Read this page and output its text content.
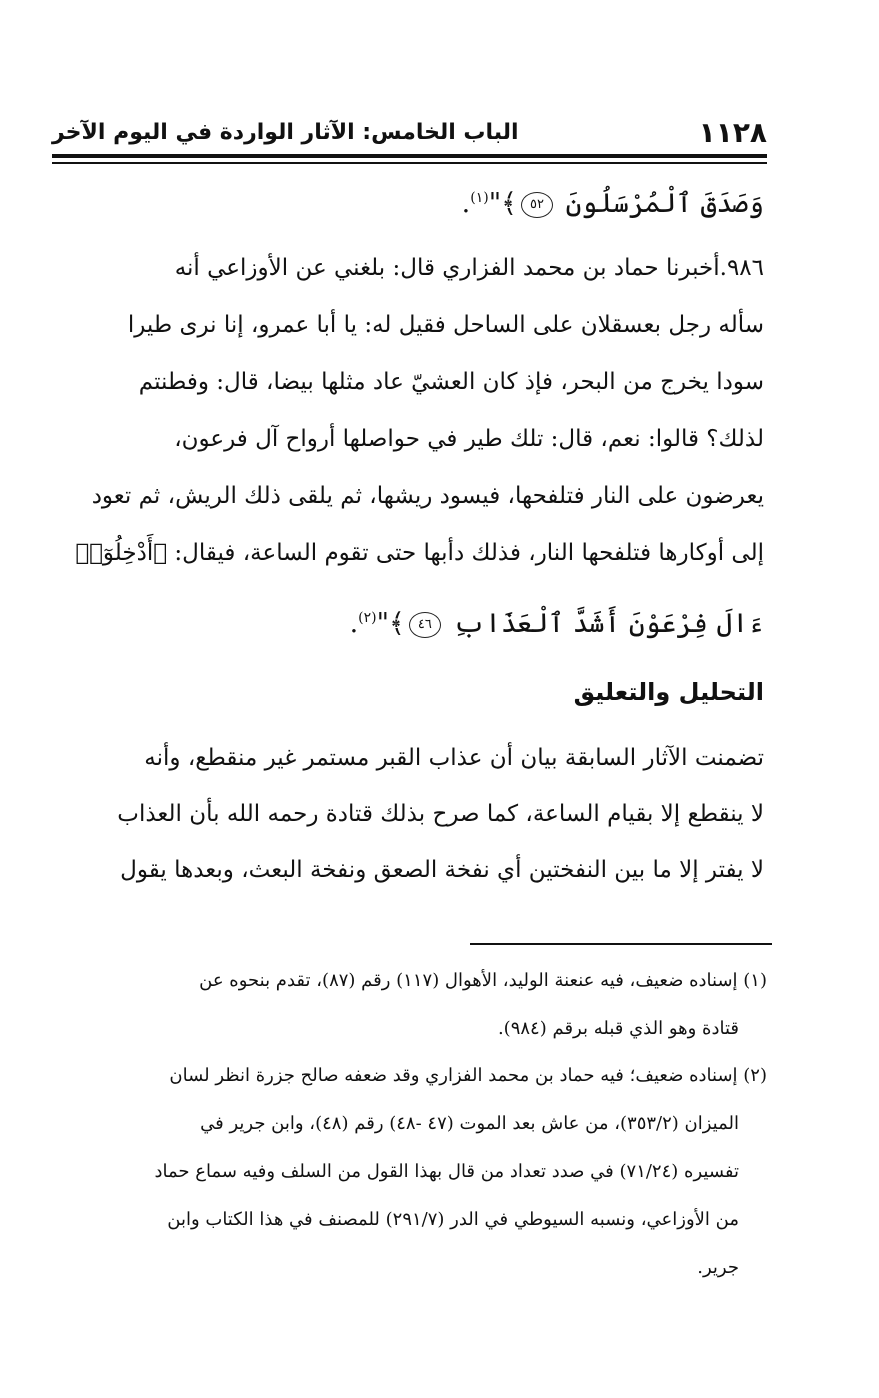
الباب الخامس: الآثار الواردة في اليوم الآخر	١١٢٨
وَصَدَقَ ٱلْمُرْسَلُونَ ٥٢﴾"$^{(١)}$.
٩٨٦.أخبرنا حماد بن محمد الفزاري قال: بلغني عن الأوزاعي أنه
سأله رجل بعسقلان على الساحل فقيل له: يا أبا عمرو، إنا نرى طيرا
سودا يخرج من البحر، فإذ كان العشيّ عاد مثلها بيضا، قال: وفطنتم
لذلك؟ قالوا: نعم، قال: تلك طير في حواصلها أرواح آل فرعون،
يعرضون على النار فتلفحها، فيسود ريشها، ثم يلقى ذلك الريش، ثم تعود
إلى أوكارها فتلفحها النار، فذلك دأبها حتى تقوم الساعة، فيقال: ﴿أَدْخِلُوٓا۟
ءَالَ فِرْعَوْنَ أَشَدَّ ٱلْعَذَابِ ٤٦﴾"$^{(٢)}$.
التحليل والتعليق
تضمنت الآثار السابقة بيان أن عذاب القبر مستمر غير منقطع، وأنه
لا ينقطع إلا بقيام الساعة، كما صرح بذلك قتادة رحمه الله بأن العذاب
لا يفتر إلا ما بين النفختين أي نفخة الصعق ونفخة البعث، وبعدها يقول
(١) إسناده ضعيف، فيه عنعنة الوليد، الأهوال (١١٧) رقم (٨٧)، تقدم بنحوه عن
قتادة وهو الذي قبله برقم (٩٨٤).
(٢) إسناده ضعيف؛ فيه حماد بن محمد الفزاري وقد ضعفه صالح جزرة انظر لسان
الميزان (٣٥٣/٢)، من عاش بعد الموت (٤٧ -٤٨) رقم (٤٨)، وابن جرير في
تفسيره (٧١/٢٤) في صدد تعداد من قال بهذا القول من السلف وفيه سماع حماد
من الأوزاعي، ونسبه السيوطي في الدر (٢٩١/٧) للمصنف في هذا الكتاب وابن
جرير.
